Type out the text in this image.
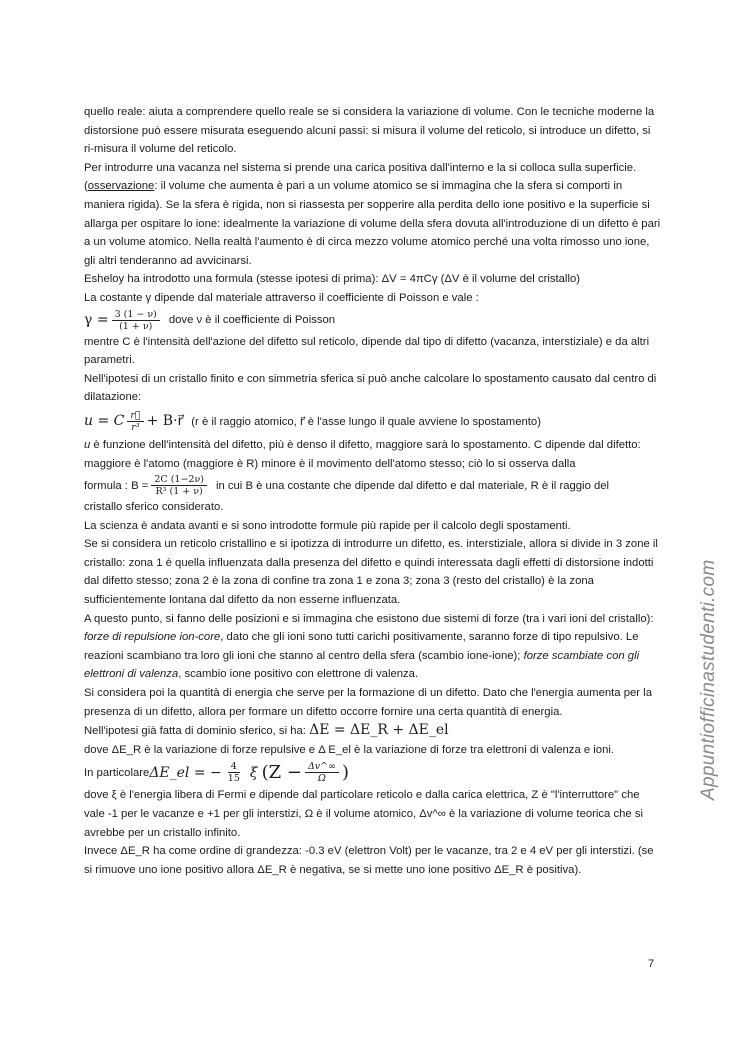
quello reale: aiuta a comprendere quello reale se si considera la variazione di volume. Con le tecniche moderne la distorsione può essere misurata eseguendo alcuni passi: si misura il volume del reticolo, si introduce un difetto, si ri-misura il volume del reticolo.

Per introdurre una vacanza nel sistema si prende una carica positiva dall'interno e la si colloca sulla superficie. (osservazione: il volume che aumenta è pari a un volume atomico se si immagina che la sfera si comporti in maniera rigida). Se la sfera è rigida, non si riassesta per sopperire alla perdita dello ione positivo e la superficie si allarga per ospitare lo ione: idealmente la variazione di volume della sfera dovuta all'introduzione di un difetto è pari a un volume atomico. Nella realtà l'aumento è di circa mezzo volume atomico perché una volta rimosso uno ione, gli altri tenderanno ad avvicinarsi.

Esheloy ha introdotto una formula (stesse ipotesi di prima): ΔV = 4πCγ (ΔV è il volume del cristallo)

La costante γ dipende dal materiale attraverso il coefficiente di Poisson e vale :

$\gamma = \frac{3 (1 - \nu)}{(1 + \nu)}$ dove ν è il coefficiente di Poisson

mentre C è l'intensità dell'azione del difetto sul reticolo, dipende dal tipo di difetto (vacanza, interstiziale) e da altri parametri.

Nell'ipotesi di un cristallo finito e con simmetria sferica si può anche calcolare lo spostamento causato dal centro di dilatazione:

u = C $\frac{r⃗}{\text{r³}}$ + B·r⃗ (r è il raggio atomico, r⃗ è l'asse lungo il quale avviene lo spostamento)

u è funzione dell'intensità del difetto, più è denso il difetto, maggiore sarà lo spostamento. C dipende dal difetto: maggiore è l'atomo (maggiore è R) minore è il movimento dell'atomo stesso; ciò lo si osserva dalla

formula : $B = \frac{2C (1-2\nu)}{\text{R³ (1 + ν)}}$ in cui B è una costante che dipende dal difetto e dal materiale, R è il raggio del

cristallo sferico considerato.

La scienza è andata avanti e si sono introdotte formule più rapide per il calcolo degli spostamenti.

Se si considera un reticolo cristallino e si ipotizza di introdurre un difetto, es. interstiziale, allora si divide in 3 zone il cristallo: zona 1 è quella influenzata dalla presenza del difetto e quindi interessata dagli effetti di distorsione indotti dal difetto stesso; zona 2 è la zona di confine tra zona 1 e zona 3; zona 3 (resto del cristallo) è la zona sufficientemente lontana dal difetto da non esserne influenzata.

A questo punto, si fanno delle posizioni e si immagina che esistono due sistemi di forze (tra i vari ioni del cristallo): forze di repulsione ion-core, dato che gli ioni sono tutti carichi positivamente, saranno forze di tipo repulsivo. Le reazioni scambiano tra loro gli ioni che stanno al centro della sfera (scambio ione-ione); forze scambiate con gli elettroni di valenza, scambio ione positivo con elettrone di valenza.

Si considera poi la quantità di energia che serve per la formazione di un difetto. Dato che l'energia aumenta per la presenza di un difetto, allora per formare un difetto occorre fornire una certa quantità di energia.

Nell'ipotesi già fatta di dominio sferico, si ha: ΔE = ΔE_R + ΔE_el

dove ΔE_R è la variazione di forze repulsive e Δ E_el è la variazione di forze tra elettroni di valenza e ioni.

In particolare ΔE_el = − $\frac{4}{15}$ ξ ($Z - \frac{\Delta v\^{}\infty}{\Omega}$ )

dove ξ è l'energia libera di Fermi e dipende dal particolare reticolo e dalla carica elettrica, Z è "l'interruttore" che vale -1 per le vacanze e +1 per gli interstizi, Ω è il volume atomico, Δv^∞ è la variazione di volume teorica che si avrebbe per un cristallo infinito.

Invece ΔE_R ha come ordine di grandezza: -0.3 eV (elettron Volt) per le vacanze, tra 2 e 4 eV per gli interstizi. (se si rimuove uno ione positivo allora ΔE_R è negativa, se si mette uno ione positivo ΔE_R è positiva).

Appuntiofficinastudenti.com
7
